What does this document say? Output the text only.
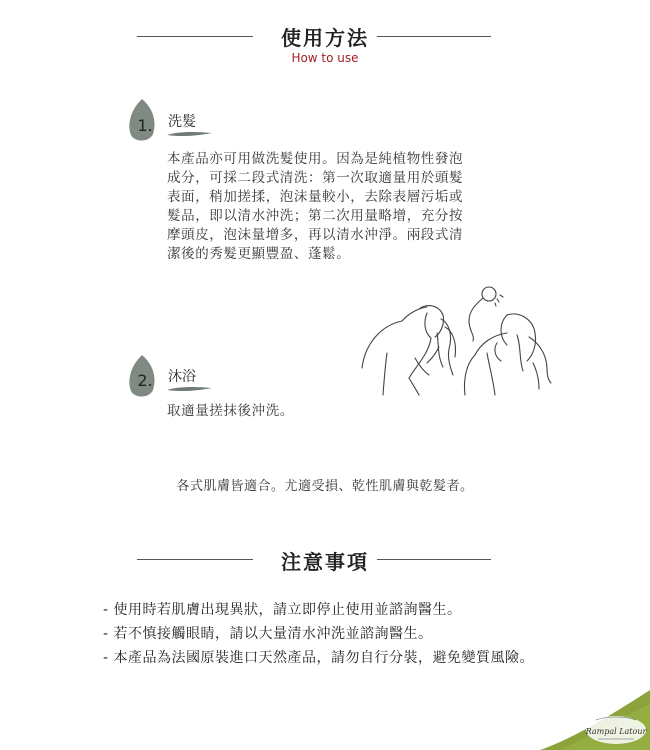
使用方法
How to use
1.	洗髮
本產品亦可用做洗髮使用。因為是純植物性發泡
成分，可採二段式清洗：第一次取適量用於頭髮
表面，稍加搓揉，泡沫量較小，去除表層污垢或
髮品，即以清水沖洗；第二次用量略增，充分按
摩頭皮，泡沫量增多，再以清水沖淨。兩段式清
潔後的秀髮更顯豐盈、蓬鬆。
2.	沐浴
取適量搓抹後沖洗。
各式肌膚皆適合。尤適受損、乾性肌膚與乾髮者。
注意事項
- 使用時若肌膚出現異狀，請立即停止使用並諮詢醫生。
- 若不慎接觸眼睛，請以大量清水沖洗並諮詢醫生。
- 本產品為法國原裝進口天然產品，請勿自行分裝，避免變質風險。
Rampal Latour
